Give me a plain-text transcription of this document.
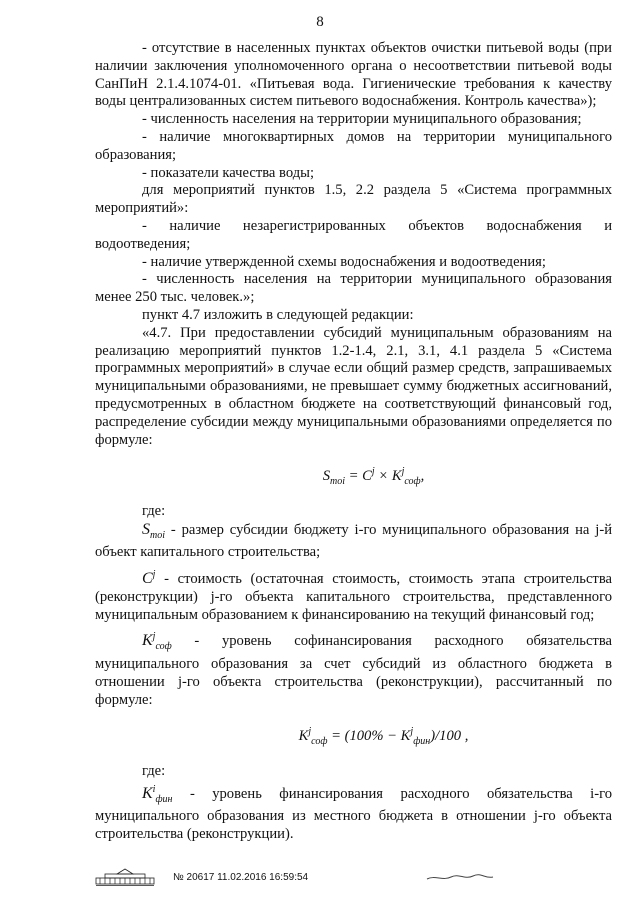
8

- отсутствие в населенных пунктах объектов очистки питьевой воды (при наличии заключения уполномоченного органа о несоответствии питьевой воды СанПиН 2.1.4.1074-01. «Питьевая вода. Гигиенические требования к качеству воды централизованных систем питьевого водоснабжения. Контроль качества»);

- численность населения на территории муниципального образования;

- наличие многоквартирных домов на территории муниципального образования;

- показатели качества воды;

для мероприятий пунктов 1.5, 2.2 раздела 5 «Система программных мероприятий»:

- наличие незарегистрированных объектов водоснабжения и водоотведения;

- наличие утвержденной схемы водоснабжения и водоотведения;

- численность населения на территории муниципального образования менее 250 тыс. человек.»;

пункт 4.7 изложить в следующей редакции:

«4.7. При предоставлении субсидий муниципальным образованиям на реализацию мероприятий пунктов 1.2-1.4, 2.1, 3.1, 4.1 раздела 5 «Система программных мероприятий» в случае если общий размер средств, запрашиваемых муниципальными образованиями, не превышает сумму бюджетных ассигнований, предусмотренных в областном бюджете на соответствующий финансовый год, распределение субсидии между муниципальными образованиями определяется по формуле:

$S_{moi} = C^j \times K^j_{соф}$,

где:

$S_{moi}$ - размер субсидии бюджету i-го муниципального образования на j-й объект капитального строительства;

$C^j$ - стоимость (остаточная стоимость, стоимость этапа строительства (реконструкции) j-го объекта капитального строительства, представленного муниципальным образованием к финансированию на текущий финансовый год;

$K^j_{соф}$ - уровень софинансирования расходного обязательства муниципального образования за счет субсидий из областного бюджета в отношении j-го объекта строительства (реконструкции), рассчитанный по формуле:

$K^j_{соф} = (100\% - K^j_{фин})/100$ ,

где:

$K^i_{фин}$ - уровень финансирования расходного обязательства i-го муниципального образования из местного бюджета в отношении j-го объекта строительства (реконструкции).

№ 20617 11.02.2016 16:59:54
